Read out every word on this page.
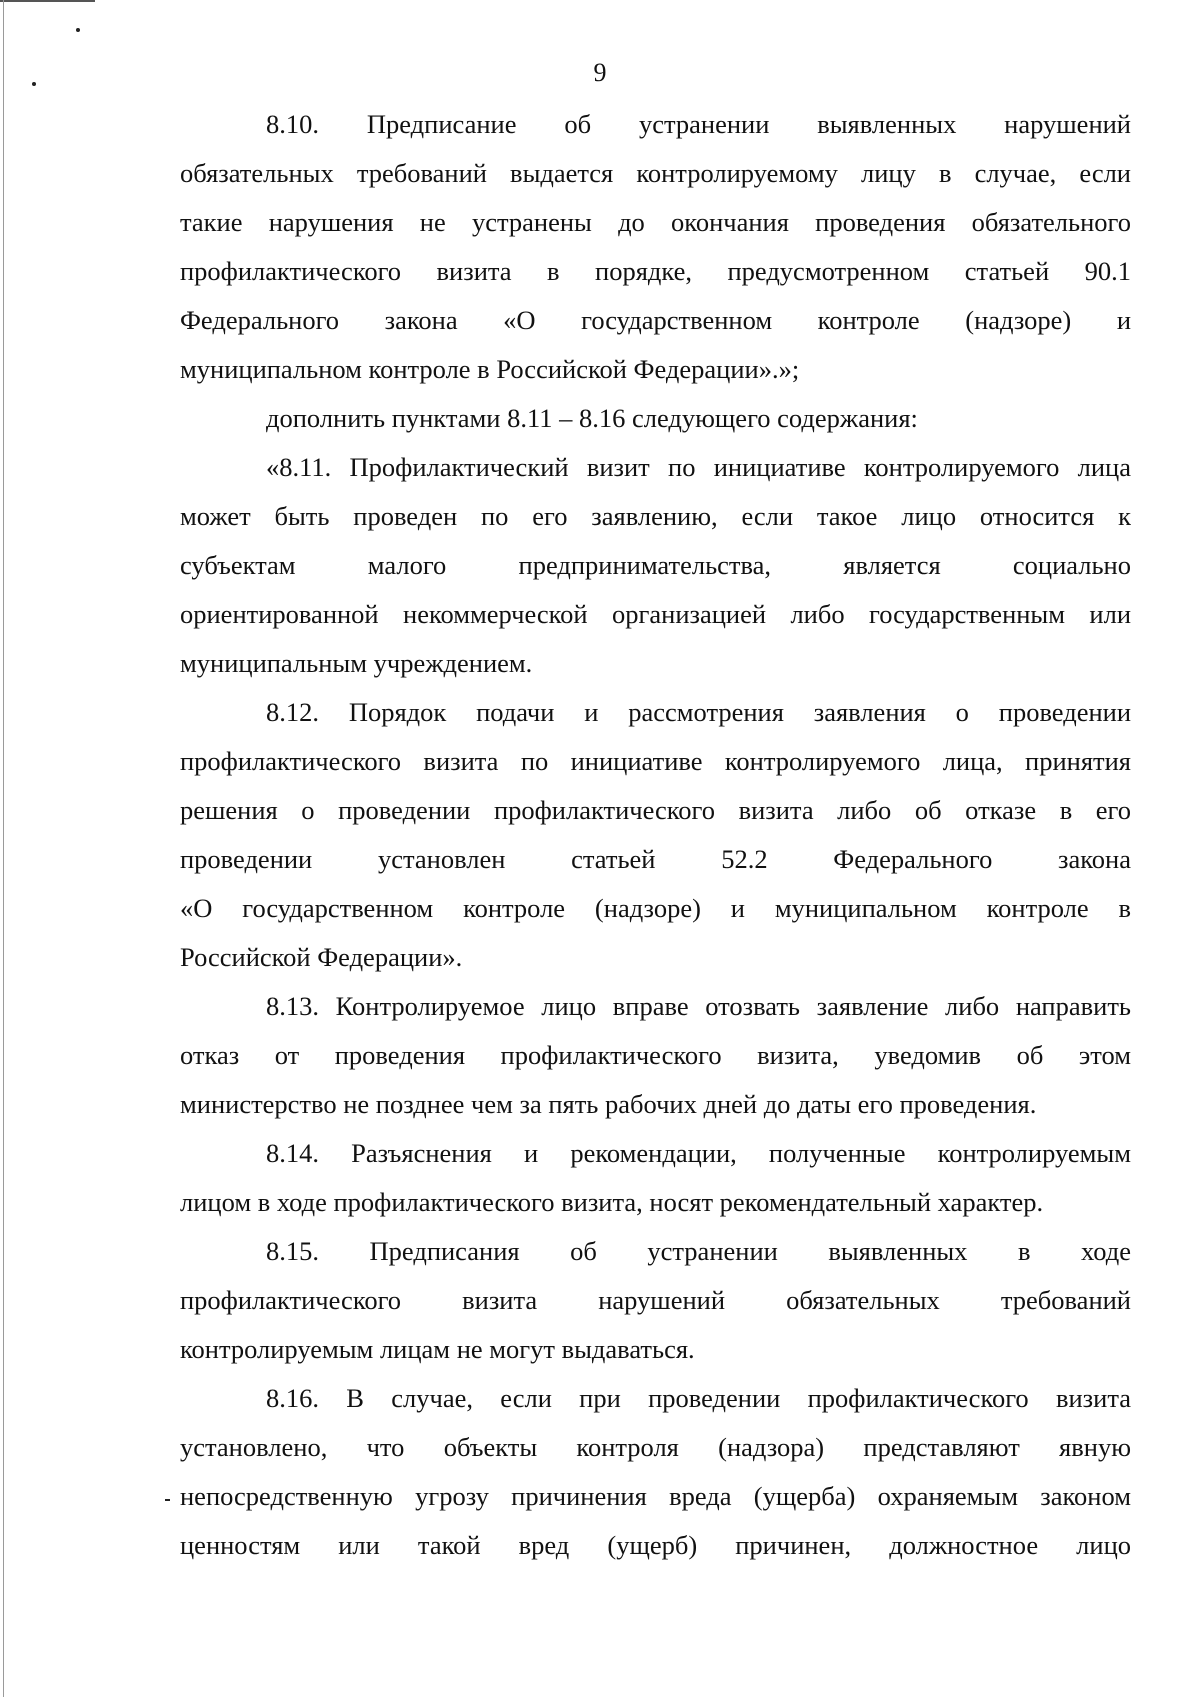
9
8.10. Предписание об устранении выявленных нарушений
обязательных требований выдается контролируемому лицу в случае, если
такие нарушения не устранены до окончания проведения обязательного
профилактического визита в порядке, предусмотренном статьей 90.1
Федерального закона «О государственном контроле (надзоре) и
муниципальном контроле в Российской Федерации».»;
дополнить пунктами 8.11 – 8.16 следующего содержания:
«8.11. Профилактический визит по инициативе контролируемого лица
может быть проведен по его заявлению, если такое лицо относится к
субъектам малого предпринимательства, является социально
ориентированной некоммерческой организацией либо государственным или
муниципальным учреждением.
8.12. Порядок подачи и рассмотрения заявления о проведении
профилактического визита по инициативе контролируемого лица, принятия
решения о проведении профилактического визита либо об отказе в его
проведении установлен статьей 52.2 Федерального закона
«О государственном контроле (надзоре) и муниципальном контроле в
Российской Федерации».
8.13. Контролируемое лицо вправе отозвать заявление либо направить
отказ от проведения профилактического визита, уведомив об этом
министерство не позднее чем за пять рабочих дней до даты его проведения.
8.14. Разъяснения и рекомендации, полученные контролируемым
лицом в ходе профилактического визита, носят рекомендательный характер.
8.15. Предписания об устранении выявленных в ходе
профилактического визита нарушений обязательных требований
контролируемым лицам не могут выдаваться.
8.16. В случае, если при проведении профилактического визита
установлено, что объекты контроля (надзора) представляют явную
непосредственную угрозу причинения вреда (ущерба) охраняемым законом
ценностям или такой вред (ущерб) причинен, должностное лицо
